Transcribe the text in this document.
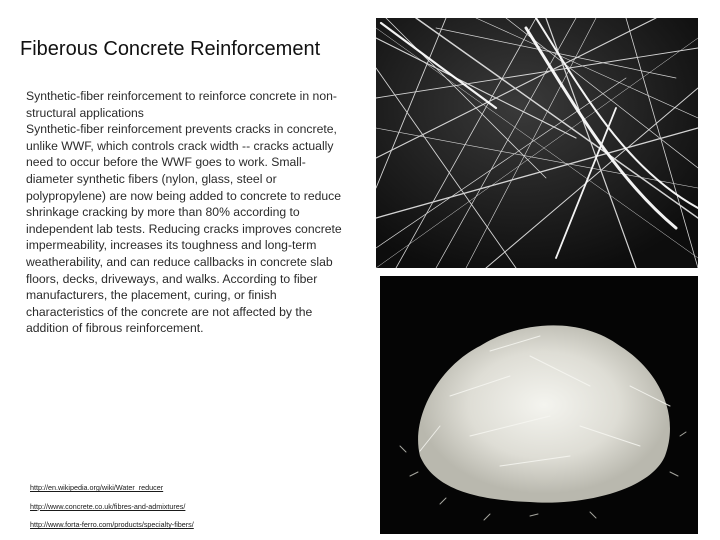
Fiberous Concrete Reinforcement

Synthetic-fiber reinforcement to reinforce concrete in non-structural applications

Synthetic-fiber reinforcement prevents cracks in concrete, unlike WWF, which controls crack width -- cracks actually need to occur before the WWF goes to work. Small-diameter synthetic fibers (nylon, glass, steel or polypropylene) are now being added to concrete to reduce shrinkage cracking by more than 80% according to independent lab tests. Reducing cracks improves concrete impermeability, increases its toughness and long-term weatherability, and can reduce callbacks in concrete slab floors, decks, driveways, and walks. According to fiber manufacturers, the placement, curing, or finish characteristics of the concrete are not affected by the addition of fibrous reinforcement.

http://en.wikipedia.org/wiki/Water_reducer
http://www.concrete.co.uk/fibres-and-admixtures/
http://www.forta-ferro.com/products/specialty-fibers/
